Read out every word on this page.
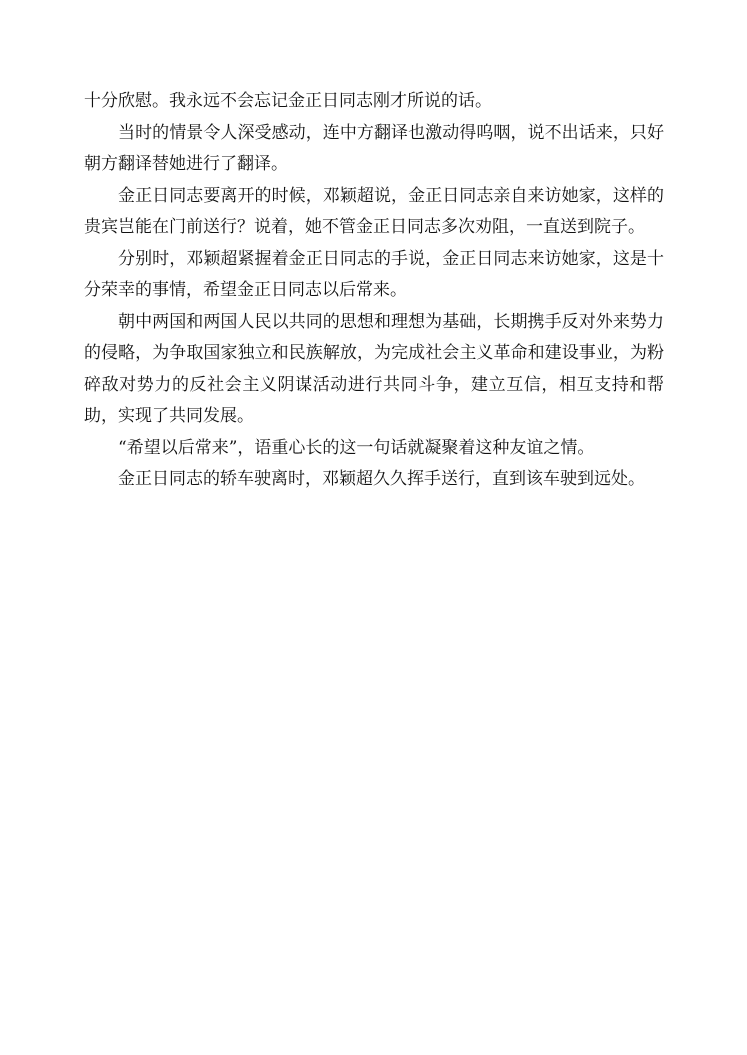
十分欣慰。我永远不会忘记金正日同志刚才所说的话。

当时的情景令人深受感动，连中方翻译也激动得呜咽，说不出话来，只好朝方翻译替她进行了翻译。

金正日同志要离开的时候，邓颖超说，金正日同志亲自来访她家，这样的贵宾岂能在门前送行？说着，她不管金正日同志多次劝阻，一直送到院子。

分别时，邓颖超紧握着金正日同志的手说，金正日同志来访她家，这是十分荣幸的事情，希望金正日同志以后常来。

朝中两国和两国人民以共同的思想和理想为基础，长期携手反对外来势力的侵略，为争取国家独立和民族解放，为完成社会主义革命和建设事业，为粉碎敌对势力的反社会主义阴谋活动进行共同斗争，建立互信，相互支持和帮助，实现了共同发展。

“希望以后常来”，语重心长的这一句话就凝聚着这种友谊之情。

金正日同志的轿车驶离时，邓颖超久久挥手送行，直到该车驶到远处。
